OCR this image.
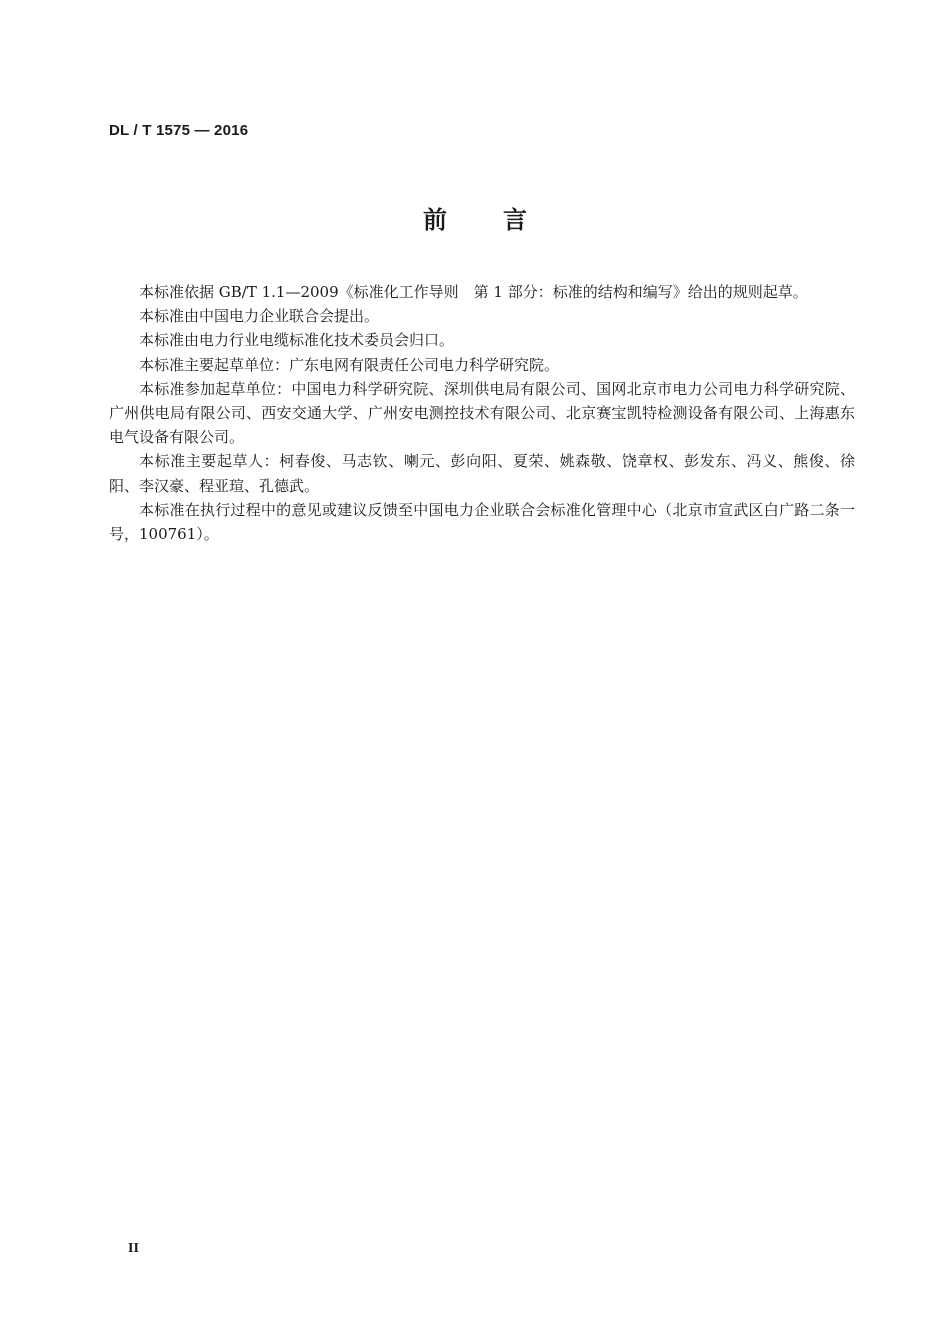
DL / T 1575 — 2016
前言

本标准依据 GB/T 1.1—2009《标准化工作导则　第 1 部分：标准的结构和编写》给出的规则起草。

本标准由中国电力企业联合会提出。

本标准由电力行业电缆标准化技术委员会归口。

本标准主要起草单位：广东电网有限责任公司电力科学研究院。

本标准参加起草单位：中国电力科学研究院、深圳供电局有限公司、国网北京市电力公司电力科学研究院、广州供电局有限公司、西安交通大学、广州安电测控技术有限公司、北京赛宝凯特检测设备有限公司、上海惠东电气设备有限公司。

本标准主要起草人：柯春俊、马志钦、喇元、彭向阳、夏荣、姚森敬、饶章权、彭发东、冯义、熊俊、徐阳、李汉豪、程亚瑄、孔德武。

本标准在执行过程中的意见或建议反馈至中国电力企业联合会标准化管理中心（北京市宣武区白广路二条一号，100761）。

II
